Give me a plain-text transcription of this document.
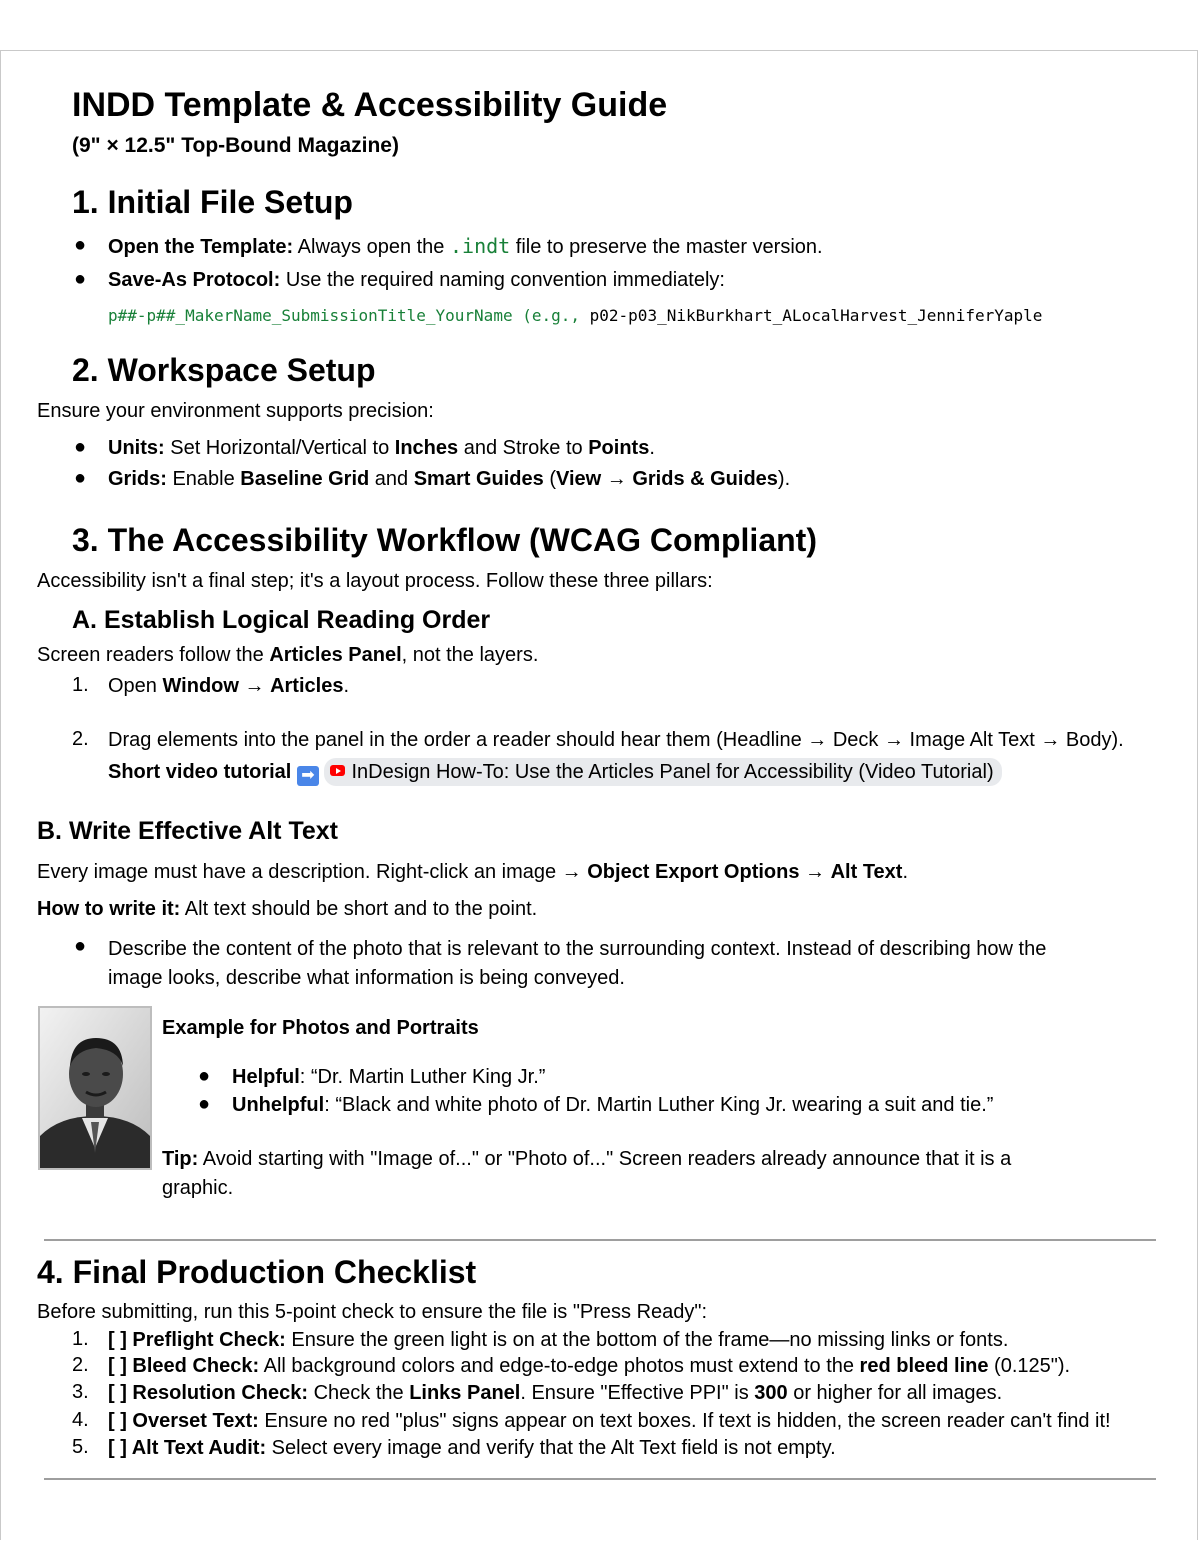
INDD Template & Accessibility Guide
(9" × 12.5" Top-Bound Magazine)
1. Initial File Setup
● Open the Template: Always open the .indt file to preserve the master version.
● Save-As Protocol: Use the required naming convention immediately:
p##-p##_MakerName_SubmissionTitle_YourName (e.g., p02-p03_NikBurkhart_ALocalHarvest_JenniferYaple
2. Workspace Setup
Ensure your environment supports precision:
● Units: Set Horizontal/Vertical to Inches and Stroke to Points.
● Grids: Enable Baseline Grid and Smart Guides (View → Grids & Guides).
3. The Accessibility Workflow (WCAG Compliant)
Accessibility isn't a final step; it's a layout process. Follow these three pillars:
A. Establish Logical Reading Order
Screen readers follow the Articles Panel, not the layers.
1. Open Window → Articles.
2. Drag elements into the panel in the order a reader should hear them (Headline → Deck → Image Alt Text → Body).
Short video tutorial ➡ InDesign How-To: Use the Articles Panel for Accessibility (Video Tutorial)
B. Write Effective Alt Text
Every image must have a description. Right-click an image → Object Export Options → Alt Text.
How to write it: Alt text should be short and to the point.
● Describe the content of the photo that is relevant to the surrounding context. Instead of describing how the
image looks, describe what information is being conveyed.
Example for Photos and Portraits
● Helpful: “Dr. Martin Luther King Jr.”
● Unhelpful: “Black and white photo of Dr. Martin Luther King Jr. wearing a suit and tie.”
Tip: Avoid starting with "Image of..." or "Photo of..." Screen readers already announce that it is a
graphic.
4. Final Production Checklist
Before submitting, run this 5-point check to ensure the file is "Press Ready":
1. [ ] Preflight Check: Ensure the green light is on at the bottom of the frame—no missing links or fonts.
2. [ ] Bleed Check: All background colors and edge-to-edge photos must extend to the red bleed line (0.125").
3. [ ] Resolution Check: Check the Links Panel. Ensure "Effective PPI" is 300 or higher for all images.
4. [ ] Overset Text: Ensure no red "plus" signs appear on text boxes. If text is hidden, the screen reader can't find it!
5. [ ] Alt Text Audit: Select every image and verify that the Alt Text field is not empty.
